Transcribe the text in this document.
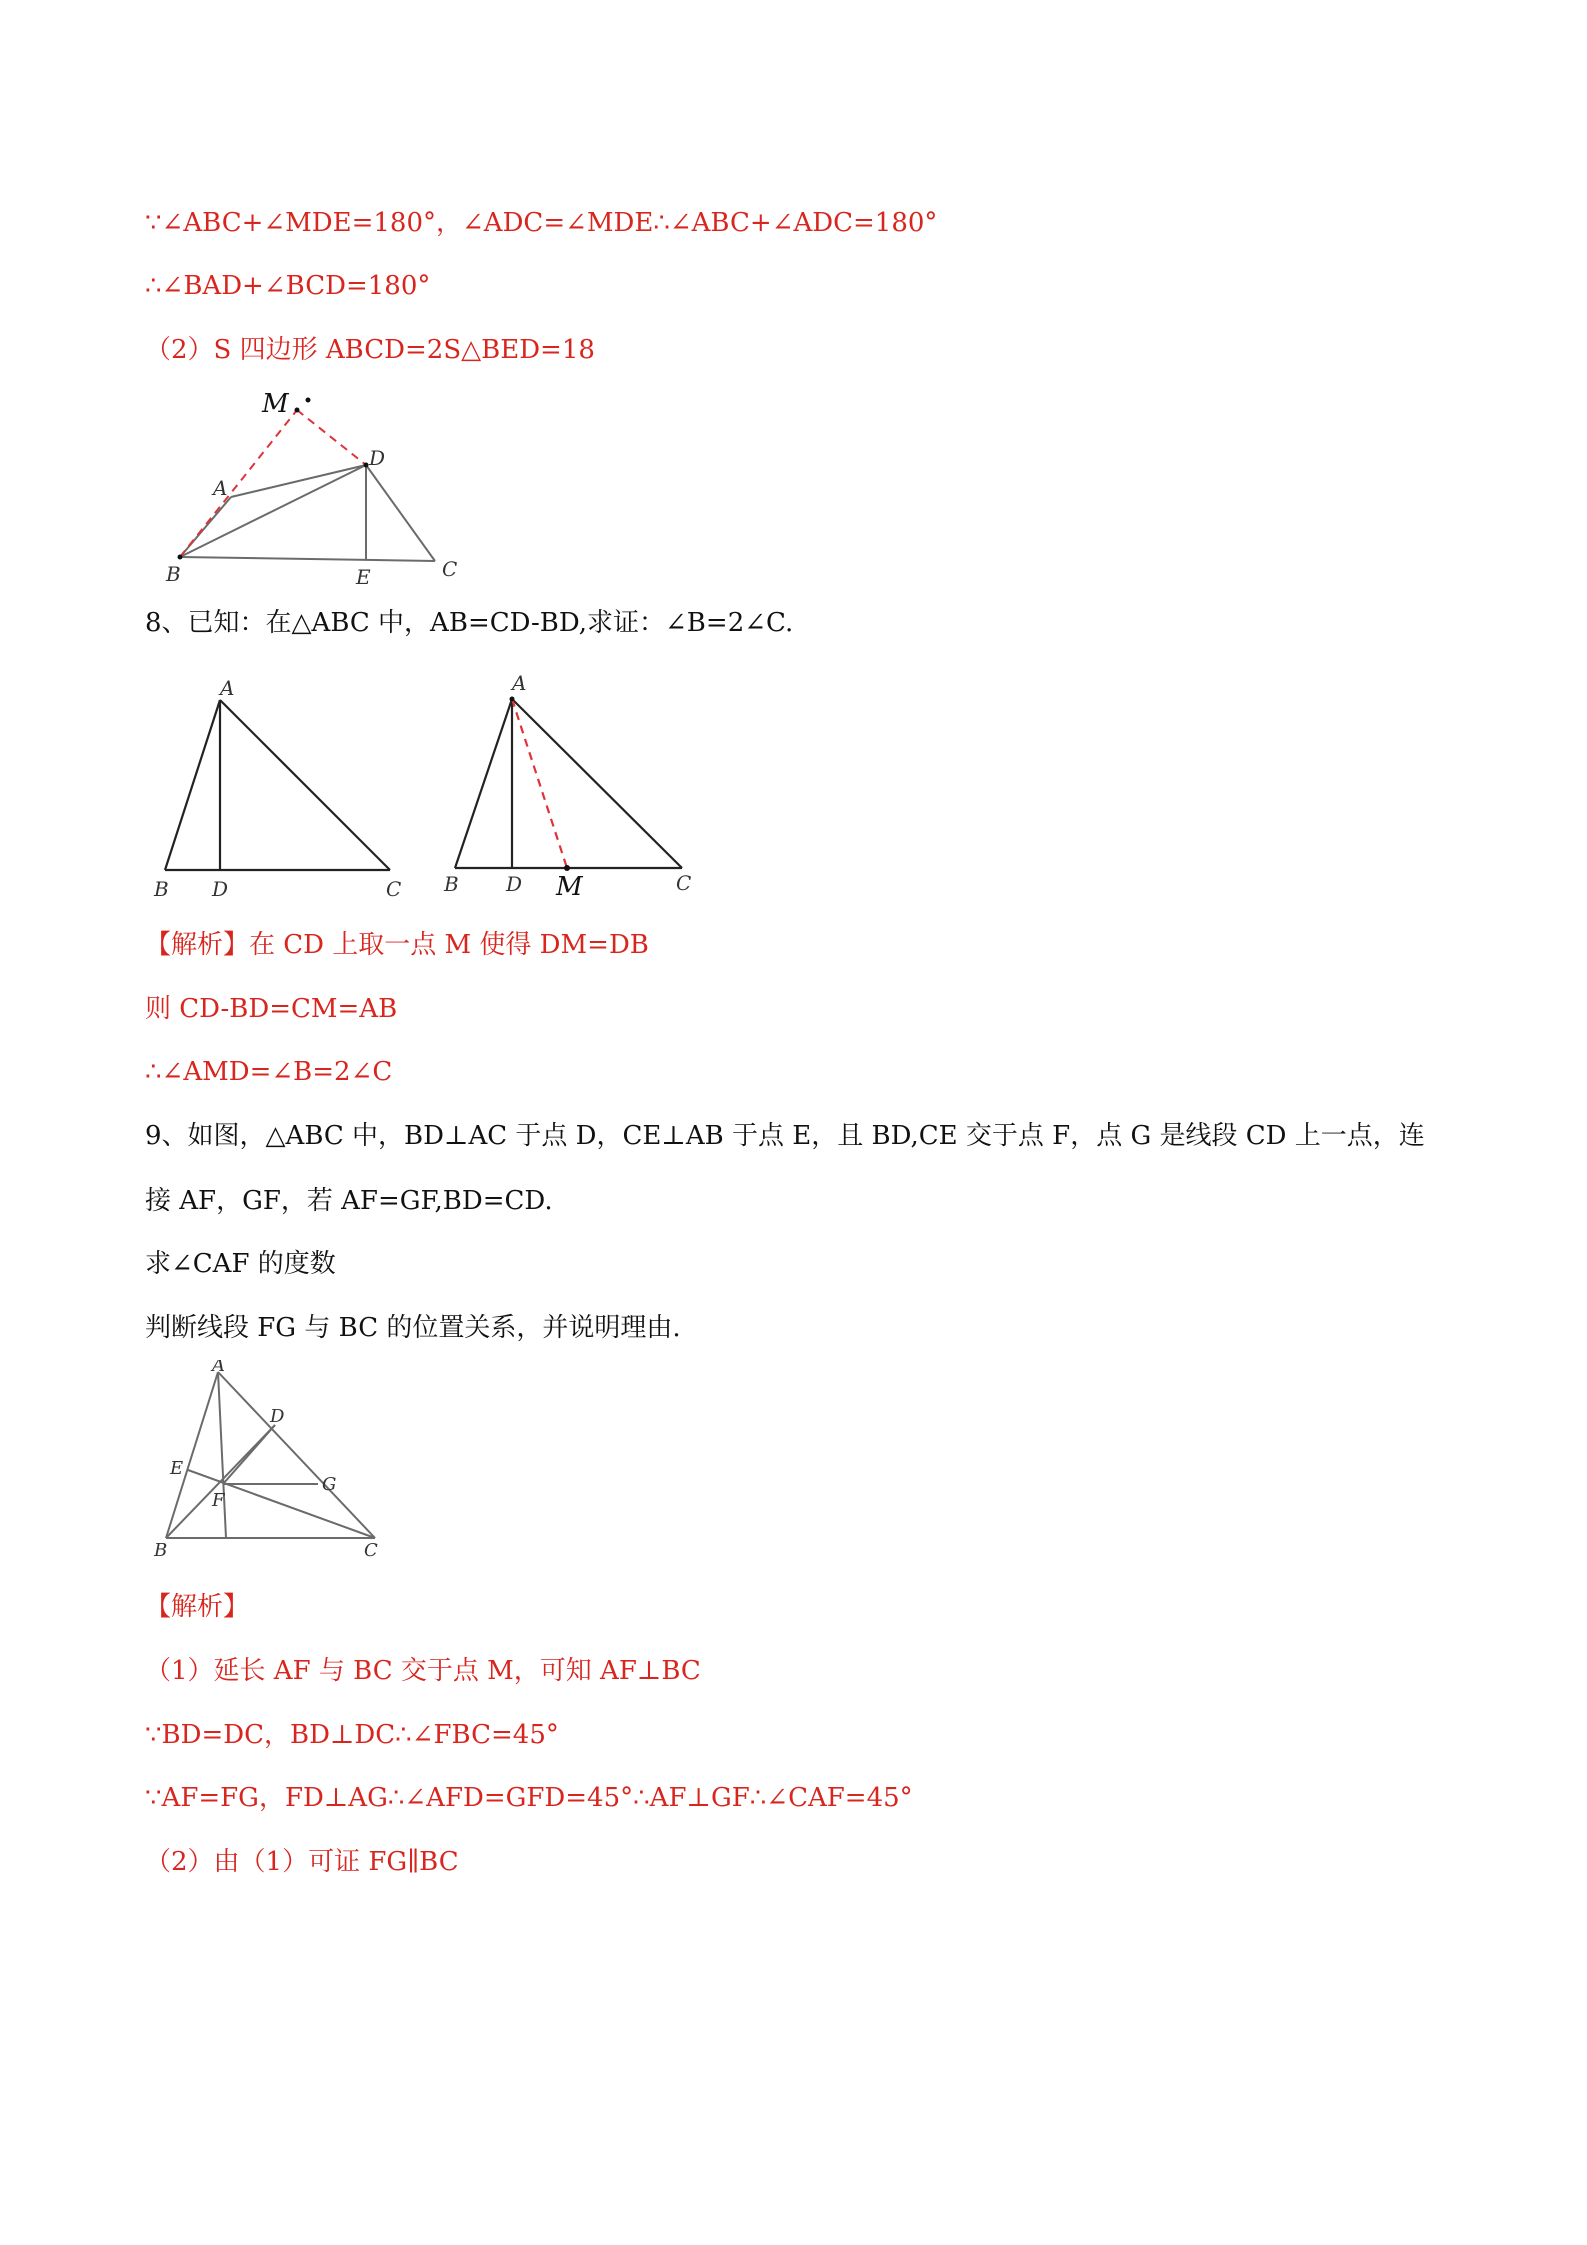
∵∠ABC+∠MDE=180°，∠ADC=∠MDE∴∠ABC+∠ADC=180°
∴∠BAD+∠BCD=180°
（2）S 四边形 ABCD=2S△BED=18
M
D
A
B	E	C
8、已知：在△ABC 中，AB=CD-BD,求证：∠B=2∠C.
A
B D	C
A
B D M	C
【解析】在 CD 上取一点 M 使得 DM=DB
则 CD-BD=CM=AB
∴∠AMD=∠B=2∠C
9、如图，△ABC 中，BD⊥AC 于点 D，CE⊥AB 于点 E，且 BD,CE 交于点 F，点 G 是线段 CD 上一点，连
接 AF，GF，若 AF=GF,BD=CD.
求∠CAF 的度数
判断线段 FG 与 BC 的位置关系，并说明理由.
A
D
E
G
F
B	C
【解析】
（1）延长 AF 与 BC 交于点 M，可知 AF⊥BC
∵BD=DC，BD⊥DC∴∠FBC=45°
∵AF=FG，FD⊥AG∴∠AFD=GFD=45°∴AF⊥GF∴∠CAF=45°
（2）由（1）可证 FG∥BC
